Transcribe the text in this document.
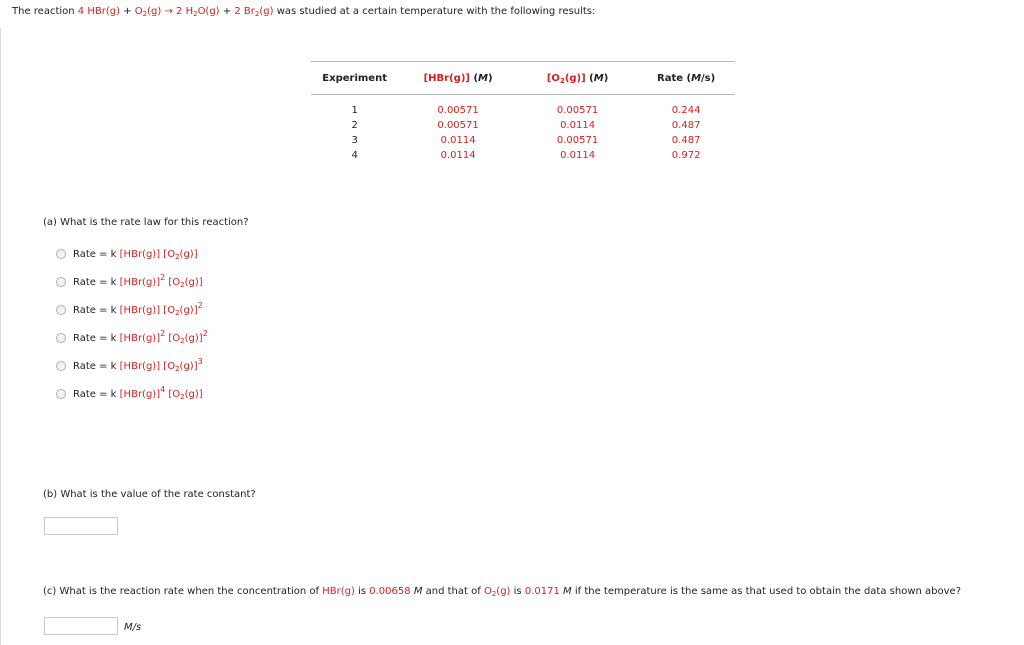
The reaction 4 $HBr(g) + O_2(g) \to 2$ $H_2O(g) + 2$ $Br_2(g)$ was studied at a certain temperature with the following results:
Experiment	[HBr(g)] (M)	$[O_2(g)]$ (M)	Rate (M/s)
1	0.00571	0.00571	0.244
2	0.00571	0.0114	0.487
3	0.0114	0.00571	0.487
4	0.0114	0.0114	0.972
(a) What is the rate law for this reaction?
Rate = k [HBr(g)] $[O_2(g)]$
Rate = k $[HBr(g)]^2$ $[O_2(g)]$
Rate = k [HBr(g)] $[O_2(g)]^2$
Rate = k $[HBr(g)]^2$ $[O_2(g)]^2$
Rate = k [HBr(g)] $[O_2(g)]^3$
Rate = k $[HBr(g)]^4$ $[O_2(g)]$
(b) What is the value of the rate constant?
(c) What is the reaction rate when the concentration of HBr(g) is 0.00658 M and that of $O_2(g)$ is 0.0171 M if the temperature is the same as that used to obtain the data shown above?
M/s
